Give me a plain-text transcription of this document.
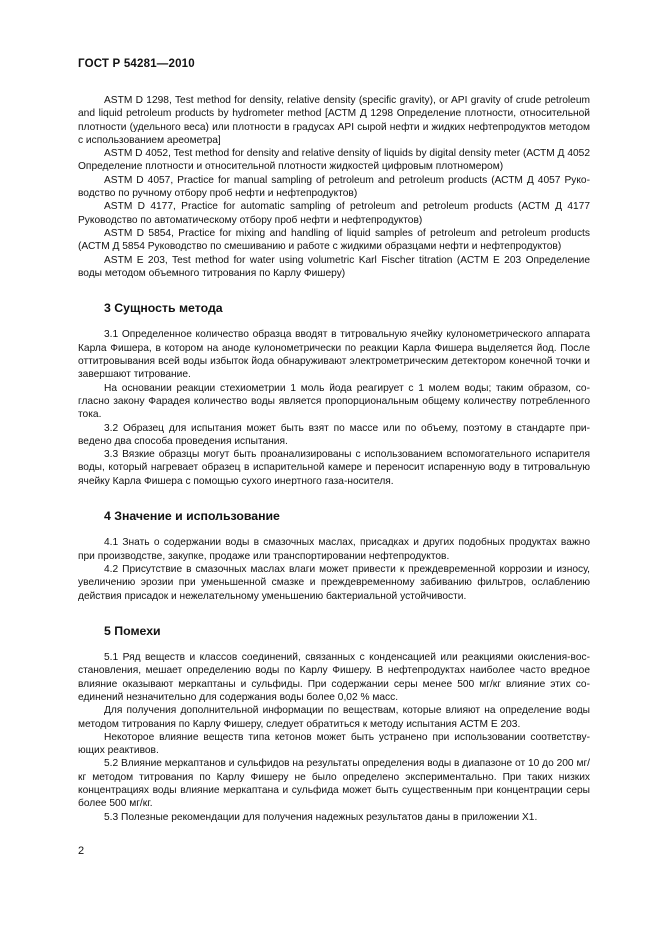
ГОСТ Р 54281—2010

ASTM D 1298, Test method for density, relative density (specific gravity), or API gravity of crude petroleum and liquid petroleum products by hydrometer method [АСТМ Д 1298 Определение плотности, относительной плотности (удельного веса) или плотности в градусах API сырой нефти и жидких нефтепродуктов методом с использованием ареометра]

ASTM D 4052, Test method for density and relative density of liquids by digital density meter (АСТМ Д 4052 Определение плотности и относительной плотности жидкостей цифровым плотномером)

ASTM D 4057, Practice for manual sampling of petroleum and petroleum products (АСТМ Д 4057 Руководство по ручному отбору проб нефти и нефтепродуктов)

ASTM D 4177, Practice for automatic sampling of petroleum and petroleum products (АСТМ Д 4177 Руководство по автоматическому отбору проб нефти и нефтепродуктов)

ASTM D 5854, Practice for mixing and handling of liquid samples of petroleum and petroleum products (АСТМ Д 5854 Руководство по смешиванию и работе с жидкими образцами нефти и нефтепродуктов)

ASTM E 203, Test method for water using volumetric Karl Fischer titration (АСТМ Е 203 Определение воды методом объемного титрования по Карлу Фишеру)

3 Сущность метода

3.1 Определенное количество образца вводят в титровальную ячейку кулонометрического аппарата Карла Фишера, в котором на аноде кулонометрически по реакции Карла Фишера выделяется йод. После оттитровывания всей воды избыток йода обнаруживают электрометрическим детектором конечной точки и завершают титрование.

На основании реакции стехиометрии 1 моль йода реагирует с 1 молем воды; таким образом, согласно закону Фарадея количество воды является пропорциональным общему количеству потребленного тока.

3.2 Образец для испытания может быть взят по массе или по объему, поэтому в стандарте приведено два способа проведения испытания.

3.3 Вязкие образцы могут быть проанализированы с использованием вспомогательного испарителя воды, который нагревает образец в испарительной камере и переносит испаренную воду в титровальную ячейку Карла Фишера с помощью сухого инертного газа-носителя.

4 Значение и использование

4.1 Знать о содержании воды в смазочных маслах, присадках и других подобных продуктах важно при производстве, закупке, продаже или транспортировании нефтепродуктов.

4.2 Присутствие в смазочных маслах влаги может привести к преждевременной коррозии и износу, увеличению эрозии при уменьшенной смазке и преждевременному забиванию фильтров, ослаблению действия присадок и нежелательному уменьшению бактериальной устойчивости.

5 Помехи

5.1 Ряд веществ и классов соединений, связанных с конденсацией или реакциями окисления-восстановления, мешает определению воды по Карлу Фишеру. В нефтепродуктах наиболее часто вредное влияние оказывают меркаптаны и сульфиды. При содержании серы менее 500 мг/кг влияние этих соединений незначительно для содержания воды более 0,02 % масс.

Для получения дополнительной информации по веществам, которые влияют на определение воды методом титрования по Карлу Фишеру, следует обратиться к методу испытания АСТМ Е 203.

Некоторое влияние веществ типа кетонов может быть устранено при использовании соответствующих реактивов.

5.2 Влияние меркаптанов и сульфидов на результаты определения воды в диапазоне от 10 до 200 мг/кг методом титрования по Карлу Фишеру не было определено экспериментально. При таких низких концентрациях воды влияние меркаптана и сульфида может быть существенным при концентрации серы более 500 мг/кг.

5.3 Полезные рекомендации для получения надежных результатов даны в приложении Х1.

2
